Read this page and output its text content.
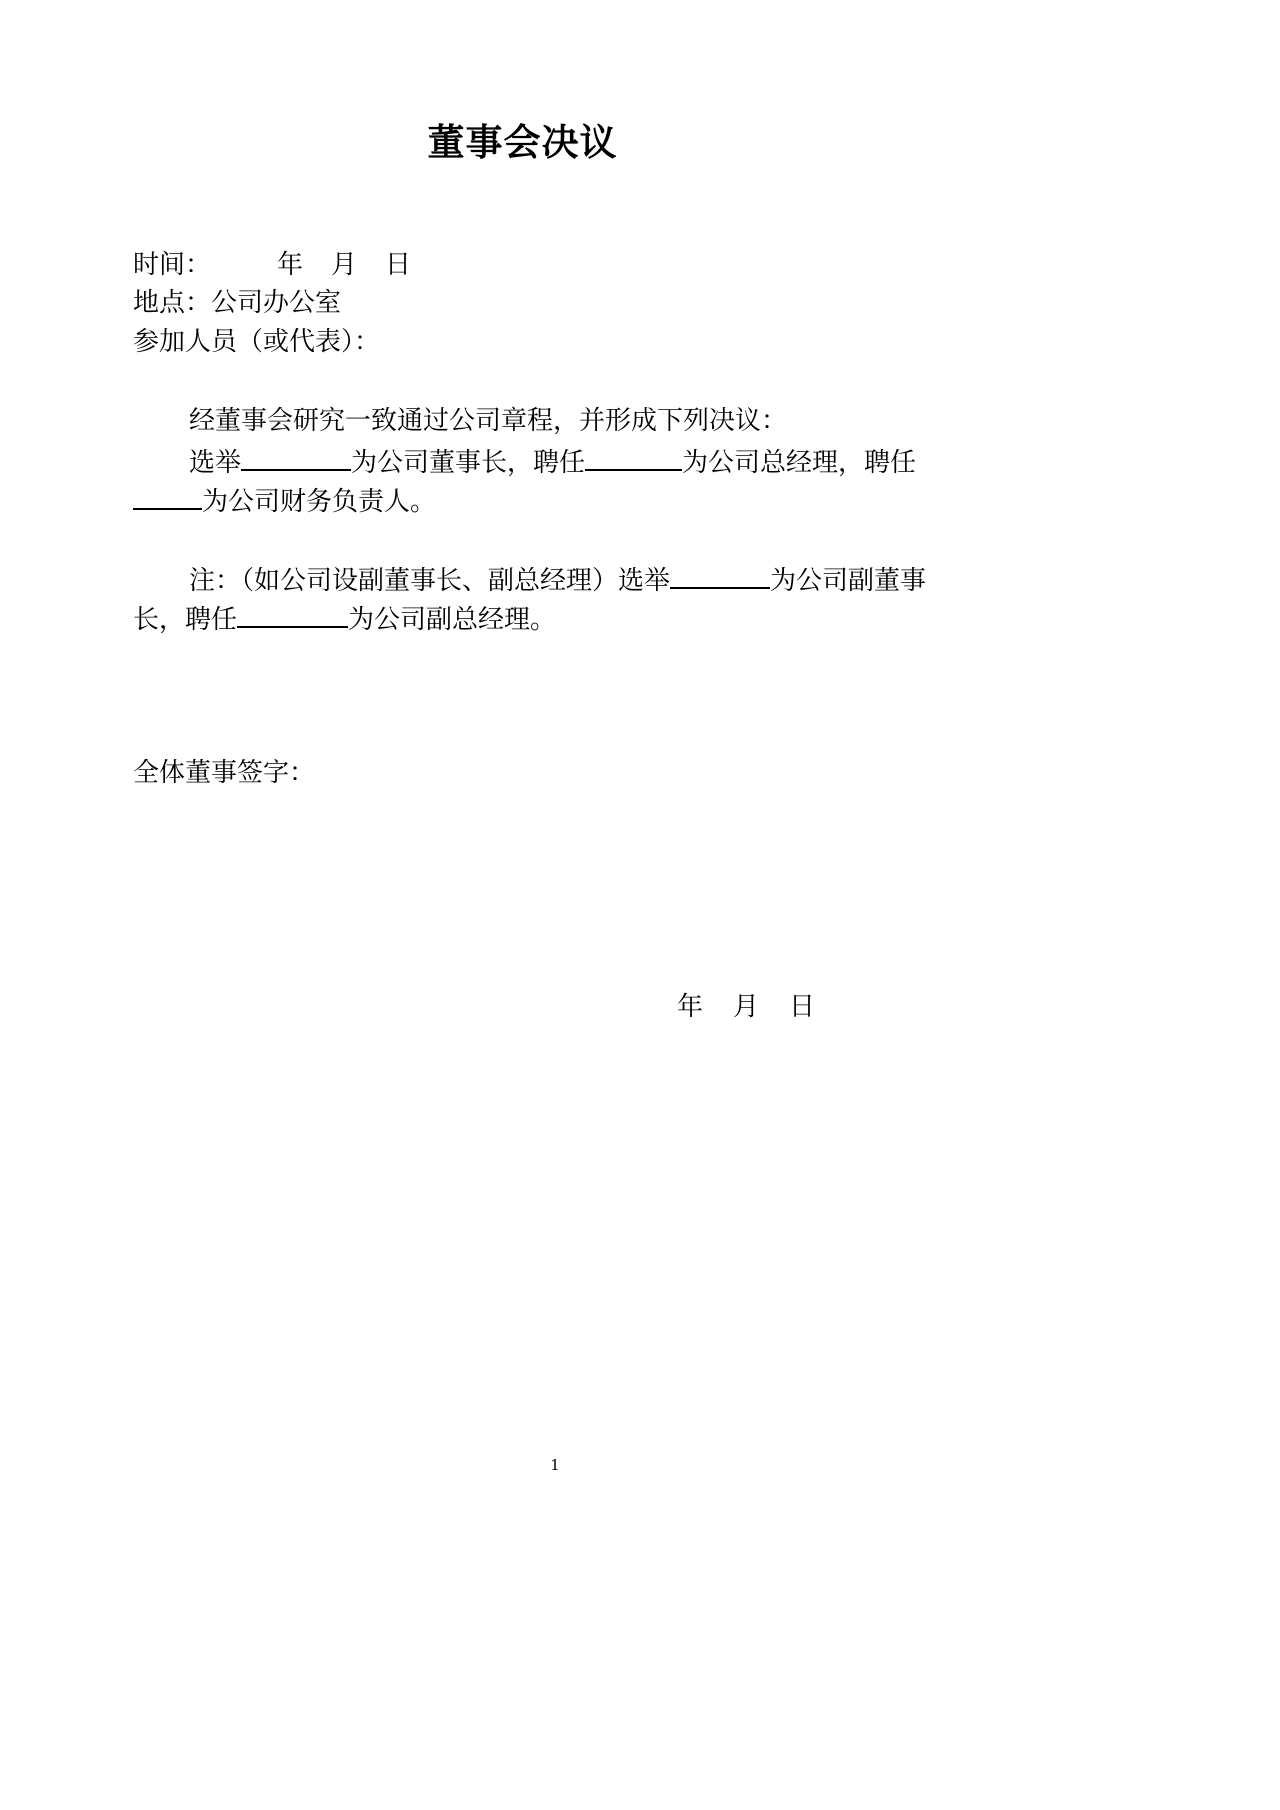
董事会决议
时间：	年 月 日
地点：公司办公室
参加人员（或代表）：
经董事会研究一致通过公司章程，并形成下列决议：
选举	为公司董事长，聘任	为公司总经理，聘任
为公司财务负责人。
注：（如公司设副董事长、副总经理）选举	为公司副董事
长，聘任	为公司副总经理。
全体董事签字：
年 月 日
1
